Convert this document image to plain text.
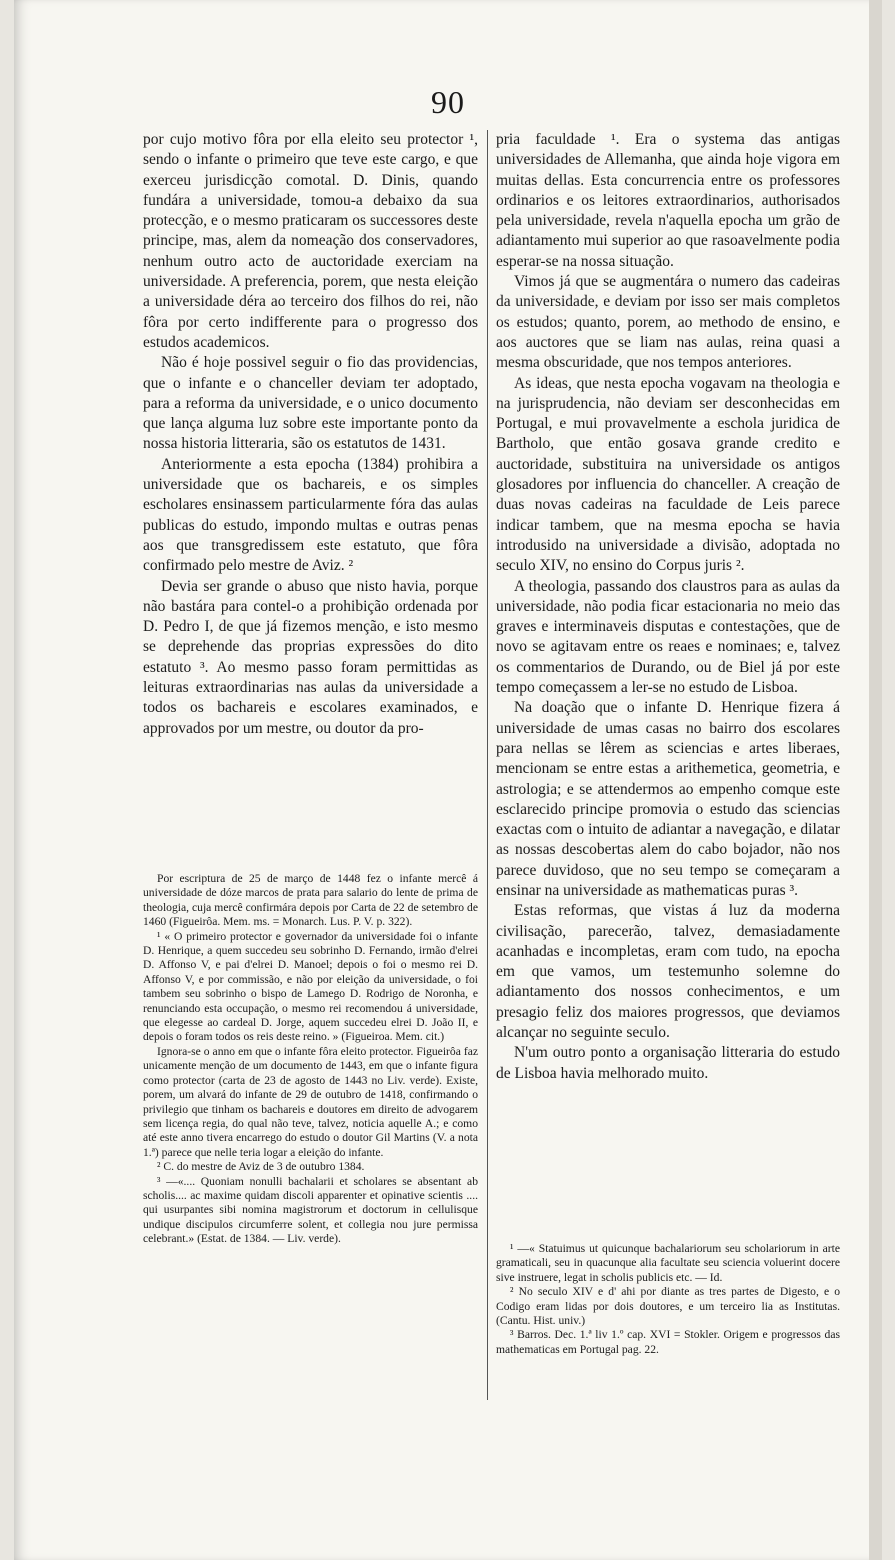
90

por cujo motivo fôra por ella eleito seu protector ¹, sendo o infante o primeiro que teve este cargo, e que exerceu jurisdicção comotal. D. Dinis, quando fundára a universidade, tomou-a debaixo da sua protecção, e o mesmo praticaram os successores deste principe, mas, alem da nomeação dos conservadores, nenhum outro acto de auctoridade exerciam na universidade. A preferencia, porem, que nesta eleição a universidade déra ao terceiro dos filhos do rei, não fôra por certo indifferente para o progresso dos estudos academicos.

Não é hoje possivel seguir o fio das providencias, que o infante e o chanceller deviam ter adoptado, para a reforma da universidade, e o unico documento que lança alguma luz sobre este importante ponto da nossa historia litteraria, são os estatutos de 1431.

Anteriormente a esta epocha (1384) prohibira a universidade que os bachareis, e os simples escholares ensinassem particularmente fóra das aulas publicas do estudo, impondo multas e outras penas aos que transgredissem este estatuto, que fôra confirmado pelo mestre de Aviz. ²

Devia ser grande o abuso que nisto havia, porque não bastára para contel-o a prohibição ordenada por D. Pedro I, de que já fizemos menção, e isto mesmo se deprehende das proprias expressões do dito estatuto ³. Ao mesmo passo foram permittidas as leituras extraordinarias nas aulas da universidade a todos os bachareis e escolares examinados, e approvados por um mestre, ou doutor da pro-

Por escriptura de 25 de março de 1448 fez o infante mercê á universidade de dóze marcos de prata para salario do lente de prima de theologia, cuja mercê confirmára depois por Carta de 22 de setembro de 1460 (Figueirôa. Mem. ms. = Monarch. Lus. P. V. p. 322).

¹ « O primeiro protector e governador da universidade foi o infante D. Henrique, a quem succedeu seu sobrinho D. Fernando, irmão d'elrei D. Affonso V, e pai d'elrei D. Manoel; depois o foi o mesmo rei D. Affonso V, e por commissão, e não por eleição da universidade, o foi tambem seu sobrinho o bispo de Lamego D. Rodrigo de Noronha, e renunciando esta occupação, o mesmo rei recomendou á universidade, que elegesse ao cardeal D. Jorge, aquem succedeu elrei D. João II, e depois o foram todos os reis deste reino. » (Figueiroa. Mem. cit.)

Ignora-se o anno em que o infante fôra eleito protector. Figueirôa faz unicamente menção de um documento de 1443, em que o infante figura como protector (carta de 23 de agosto de 1443 no Liv. verde). Existe, porem, um alvará do infante de 29 de outubro de 1418, confirmando o privilegio que tinham os bachareis e doutores em direito de advogarem sem licença regia, do qual não teve, talvez, noticia aquelle A.; e como até este anno tivera encarrego do estudo o doutor Gil Martins (V. a nota 1.ª) parece que nelle teria logar a eleição do infante.

² C. do mestre de Aviz de 3 de outubro 1384.

³ —«.... Quoniam nonulli bachalarii et scholares se absentant ab scholis.... ac maxime quidam discoli apparenter et opinative scientis .... qui usurpantes sibi nomina magistrorum et doctorum in cellulisque undique discipulos circumferre solent, et collegia nou jure permissa celebrant.» (Estat. de 1384. — Liv. verde).

pria faculdade ¹. Era o systema das antigas universidades de Allemanha, que ainda hoje vigora em muitas dellas. Esta concurrencia entre os professores ordinarios e os leitores extraordinarios, authorisados pela universidade, revela n'aquella epocha um grão de adiantamento mui superior ao que rasoavelmente podia esperar-se na nossa situação.

Vimos já que se augmentára o numero das cadeiras da universidade, e deviam por isso ser mais completos os estudos; quanto, porem, ao methodo de ensino, e aos auctores que se liam nas aulas, reina quasi a mesma obscuridade, que nos tempos anteriores.

As ideas, que nesta epocha vogavam na theologia e na jurisprudencia, não deviam ser desconhecidas em Portugal, e mui provavelmente a eschola juridica de Bartholo, que então gosava grande credito e auctoridade, substituira na universidade os antigos glosadores por influencia do chanceller. A creação de duas novas cadeiras na faculdade de Leis parece indicar tambem, que na mesma epocha se havia introdusido na universidade a divisão, adoptada no seculo XIV, no ensino do Corpus juris ².

A theologia, passando dos claustros para as aulas da universidade, não podia ficar estacionaria no meio das graves e interminaveis disputas e contestações, que de novo se agitavam entre os reaes e nominaes; e, talvez os commentarios de Durando, ou de Biel já por este tempo começassem a ler-se no estudo de Lisboa.

Na doação que o infante D. Henrique fizera á universidade de umas casas no bairro dos escolares para nellas se lêrem as sciencias e artes liberaes, mencionam se entre estas a arithemetica, geometria, e astrologia; e se attendermos ao empenho comque este esclarecido principe promovia o estudo das sciencias exactas com o intuito de adiantar a navegação, e dilatar as nossas descobertas alem do cabo bojador, não nos parece duvidoso, que no seu tempo se começaram a ensinar na universidade as mathematicas puras ³.

Estas reformas, que vistas á luz da moderna civilisação, parecerão, talvez, demasiadamente acanhadas e incompletas, eram com tudo, na epocha em que vamos, um testemunho solemne do adiantamento dos nossos conhecimentos, e um presagio feliz dos maiores progressos, que deviamos alcançar no seguinte seculo.

N'um outro ponto a organisação litteraria do estudo de Lisboa havia melhorado muito.

¹ —« Statuimus ut quicunque bachalariorum seu scholariorum in arte gramaticali, seu in quacunque alia facultate seu sciencia voluerint docere sive instruere, legat in scholis publicis etc. — Id.

² No seculo XIV e d' ahi por diante as tres partes de Digesto, e o Codigo eram lidas por dois doutores, e um terceiro lia as Institutas. (Cantu. Hist. univ.)

³ Barros. Dec. 1.ª liv 1.º cap. XVI = Stokler. Origem e progressos das mathematicas em Portugal pag. 22.
